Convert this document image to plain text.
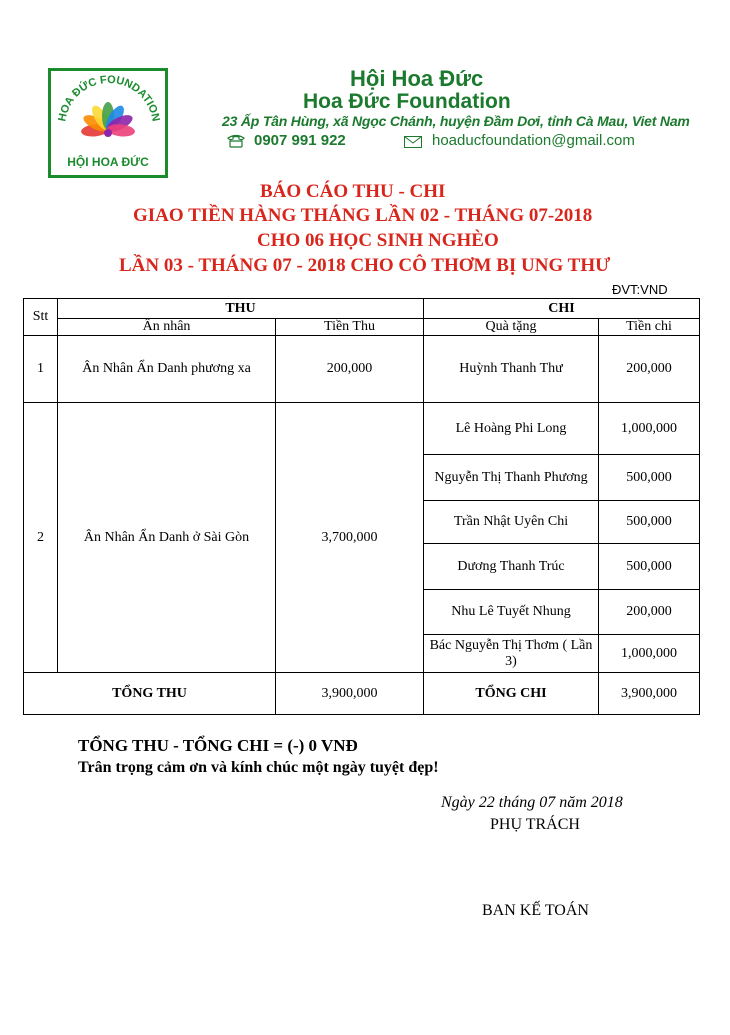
HOA ĐỨC FOUNDATION
HỘI HOA ĐỨC
Hội Hoa Đức
Hoa Đức Foundation
23 Ấp Tân Hùng, xã Ngọc Chánh, huyện Đầm Dơi, tỉnh Cà Mau, Viet Nam
0907 991 922	hoaducfoundation@gmail.com
BÁO CÁO THU - CHI
GIAO TIỀN HÀNG THÁNG LẦN 02 - THÁNG 07-2018
CHO 06 HỌC SINH NGHÈO
LẦN 03 - THÁNG 07 - 2018 CHO CÔ THƠM BỊ UNG THƯ
ĐVT:VND
Stt	THU		CHI	
	Ân nhân	Tiền Thu	Quà tặng	Tiền chi
1	Ân Nhân Ẩn Danh phương xa	200,000	Huỳnh Thanh Thư	200,000
2	Ân Nhân Ẩn Danh ở Sài Gòn	3,700,000	Lê Hoàng Phi Long	1,000,000
			Nguyễn Thị Thanh Phương	500,000
			Trần Nhật Uyên Chi	500,000
			Dương Thanh Trúc	500,000
			Nhu Lê Tuyết Nhung	200,000
			Bác Nguyễn Thị Thơm ( Lần 3)	1,000,000
TỔNG THU		3,900,000	TỔNG CHI	3,900,000
TỔNG THU - TỔNG CHI = (-) 0 VNĐ
Trân trọng cảm ơn và kính chúc một ngày tuyệt đẹp!
Ngày 22 tháng 07 năm 2018
PHỤ TRÁCH
BAN KẾ TOÁN
